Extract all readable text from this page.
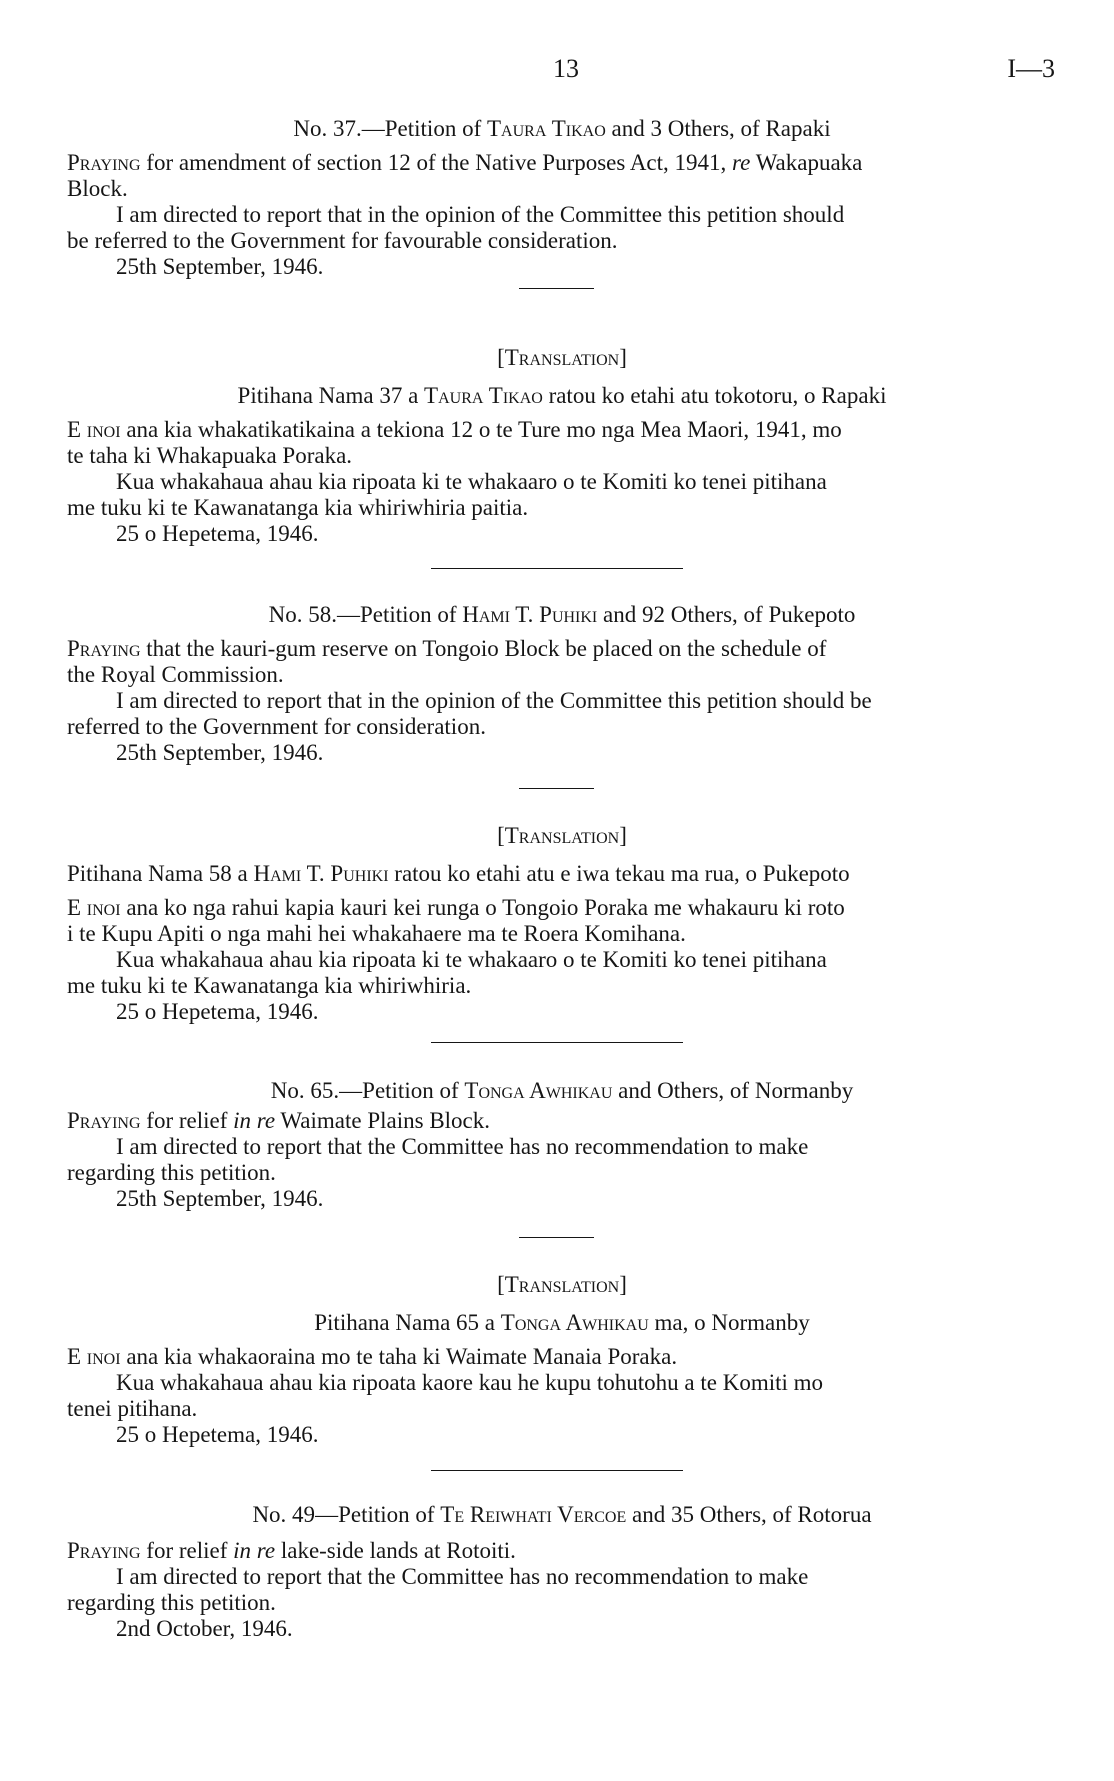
13	I—3

No. 37.—Petition of Taura Tikao and 3 Others, of Rapaki

Praying for amendment of section 12 of the Native Purposes Act, 1941, re Wakapuaka

Block.

I am directed to report that in the opinion of the Committee this petition should

be referred to the Government for favourable consideration.

25th September, 1946.

[Translation]

Pitihana Nama 37 a Taura Tikao ratou ko etahi atu tokotoru, o Rapaki

E inoi ana kia whakatikatikaina a tekiona 12 o te Ture mo nga Mea Maori, 1941, mo

te taha ki Whakapuaka Poraka.

Kua whakahaua ahau kia ripoata ki te whakaaro o te Komiti ko tenei pitihana

me tuku ki te Kawanatanga kia whiriwhiria paitia.

25 o Hepetema, 1946.

No. 58.—Petition of Hami T. Puhiki and 92 Others, of Pukepoto

Praying that the kauri-gum reserve on Tongoio Block be placed on the schedule of

the Royal Commission.

I am directed to report that in the opinion of the Committee this petition should be

referred to the Government for consideration.

25th September, 1946.

[Translation]

Pitihana Nama 58 a Hami T. Puhiki ratou ko etahi atu e iwa tekau ma rua, o Pukepoto

E inoi ana ko nga rahui kapia kauri kei runga o Tongoio Poraka me whakauru ki roto

i te Kupu Apiti o nga mahi hei whakahaere ma te Roera Komihana.

Kua whakahaua ahau kia ripoata ki te whakaaro o te Komiti ko tenei pitihana

me tuku ki te Kawanatanga kia whiriwhiria.

25 o Hepetema, 1946.

No. 65.—Petition of Tonga Awhikau and Others, of Normanby

Praying for relief in re Waimate Plains Block.

I am directed to report that the Committee has no recommendation to make

regarding this petition.

25th September, 1946.

[Translation]

Pitihana Nama 65 a Tonga Awhikau ma, o Normanby

E inoi ana kia whakaoraina mo te taha ki Waimate Manaia Poraka.

Kua whakahaua ahau kia ripoata kaore kau he kupu tohutohu a te Komiti mo

tenei pitihana.

25 o Hepetema, 1946.

No. 49—Petition of Te Reiwhati Vercoe and 35 Others, of Rotorua

Praying for relief in re lake-side lands at Rotoiti.

I am directed to report that the Committee has no recommendation to make

regarding this petition.

2nd October, 1946.
